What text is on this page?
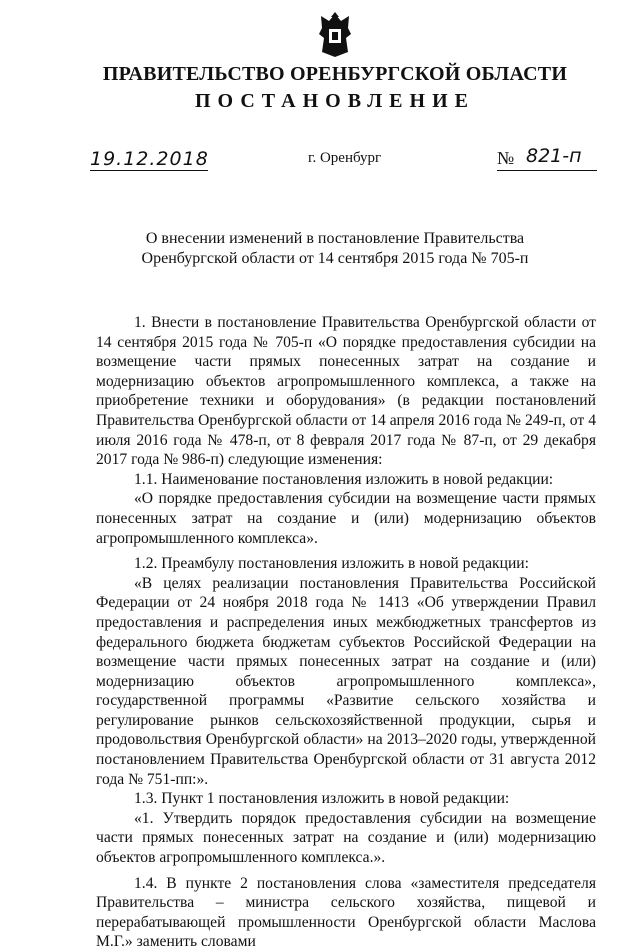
ПРАВИТЕЛЬСТВО ОРЕНБУРГСКОЙ ОБЛАСТИ
ПОСТАНОВЛЕНИЕ
19.12.2018	г. Оренбург	№ 821-п
О внесении изменений в постановление Правительства Оренбургской области от 14 сентября 2015 года № 705-п

1. Внести в постановление Правительства Оренбургской области от 14 сентября 2015 года № 705-п «О порядке предоставления субсидии на возмещение части прямых понесенных затрат на создание и модернизацию объектов агропромышленного комплекса, а также на приобретение техники и оборудования» (в редакции постановлений Правительства Оренбургской области от 14 апреля 2016 года № 249-п, от 4 июля 2016 года № 478-п, от 8 февраля 2017 года № 87-п, от 29 декабря 2017 года № 986-п) следующие изменения:

1.1. Наименование постановления изложить в новой редакции:

«О порядке предоставления субсидии на возмещение части прямых понесенных затрат на создание и (или) модернизацию объектов агропромышленного комплекса».

1.2. Преамбулу постановления изложить в новой редакции:

«В целях реализации постановления Правительства Российской Федерации от 24 ноября 2018 года № 1413 «Об утверждении Правил предоставления и распределения иных межбюджетных трансфертов из федерального бюджета бюджетам субъектов Российской Федерации на возмещение части прямых понесенных затрат на создание и (или) модернизацию объектов агропромышленного комплекса», государственной программы «Развитие сельского хозяйства и регулирование рынков сельскохозяйственной продукции, сырья и продовольствия Оренбургской области» на 2013–2020 годы, утвержденной постановлением Правительства Оренбургской области от 31 августа 2012 года № 751-пп:».

1.3. Пункт 1 постановления изложить в новой редакции:

«1. Утвердить порядок предоставления субсидии на возмещение части прямых понесенных затрат на создание и (или) модернизацию объектов агропромышленного комплекса.».

1.4. В пункте 2 постановления слова «заместителя председателя Правительства – министра сельского хозяйства, пищевой и перерабатывающей промышленности Оренбургской области Маслова М.Г.» заменить словами
